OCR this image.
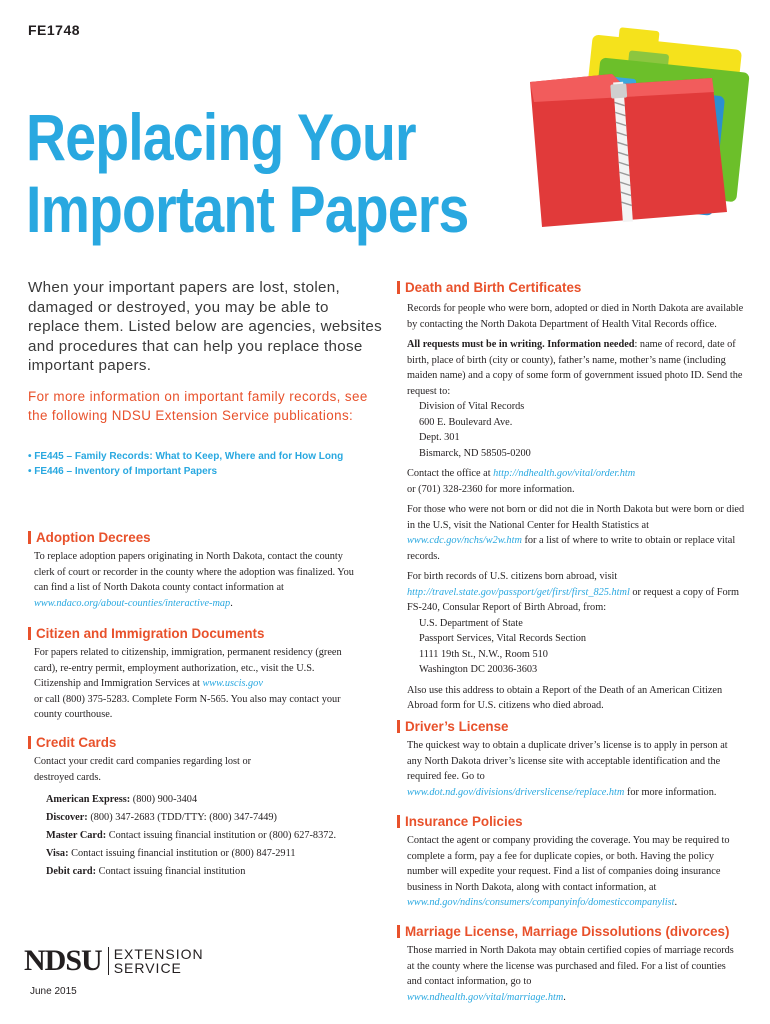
FE1748
Replacing Your
Important Papers
When your important papers are lost, stolen, damaged or destroyed, you may be able to replace them. Listed below are agencies, websites and procedures that can help you replace those important papers.
For more information on important family records, see the following NDSU Extension Service publications:
• FE445 – Family Records: What to Keep, Where and for How Long
• FE446 – Inventory of Important Papers
Adoption Decrees
To replace adoption papers originating in North Dakota, contact the county clerk of court or recorder in the county where the adoption was finalized. You can find a list of North Dakota county contact information at www.ndaco.org/about-counties/interactive-map.
Citizen and Immigration Documents
For papers related to citizenship, immigration, permanent residency (green card), re-entry permit, employment authorization, etc., visit the U.S. Citizenship and Immigration Services at www.uscis.gov
or call (800) 375-5283. Complete Form N-565. You also may contact your county courthouse.
Credit Cards
Contact your credit card companies regarding lost or destroyed cards.
American Express: (800) 900-3404
Discover: (800) 347-2683 (TDD/TTY: (800) 347-7449)
Master Card: Contact issuing financial institution or (800) 627-8372.
Visa: Contact issuing financial institution or (800) 847-2911
Debit card: Contact issuing financial institution
Death and Birth Certificates
Records for people who were born, adopted or died in North Dakota are available by contacting the North Dakota Department of Health Vital Records office.
All requests must be in writing. Information needed: name of record, date of birth, place of birth (city or county), father’s name, mother’s name (including maiden name) and a copy of some form of government issued photo ID. Send the request to:
Division of Vital Records
600 E. Boulevard Ave.
Dept. 301
Bismarck, ND 58505-0200
Contact the office at http://ndhealth.gov/vital/order.htm
or (701) 328-2360 for more information.
For those who were not born or did not die in North Dakota but were born or died in the U.S, visit the National Center for Health Statistics at www.cdc.gov/nchs/w2w.htm for a list of where to write to obtain or replace vital records.
For birth records of U.S. citizens born abroad, visit http://travel.state.gov/passport/get/first/first_825.html or request a copy of Form FS-240, Consular Report of Birth Abroad, from:
U.S. Department of State
Passport Services, Vital Records Section
1111 19th St., N.W., Room 510
Washington DC 20036-3603
Also use this address to obtain a Report of the Death of an American Citizen Abroad form for U.S. citizens who died abroad.
Driver’s License
The quickest way to obtain a duplicate driver’s license is to apply in person at any North Dakota driver’s license site with acceptable identification and the required fee. Go to
www.dot.nd.gov/divisions/driverslicense/replace.htm for more information.
Insurance Policies
Contact the agent or company providing the coverage. You may be required to complete a form, pay a fee for duplicate copies, or both. Having the policy number will expedite your request. Find a list of companies doing insurance business in North Dakota, along with contact information, at
www.nd.gov/ndins/consumers/companyinfo/domesticcompanylist.
Marriage License, Marriage Dissolutions (divorces)
Those married in North Dakota may obtain certified copies of marriage records at the county where the license was purchased and filed. For a list of counties and contact information, go to
www.ndhealth.gov/vital/marriage.htm.
NDSU EXTENSION
SERVICE
June 2015
